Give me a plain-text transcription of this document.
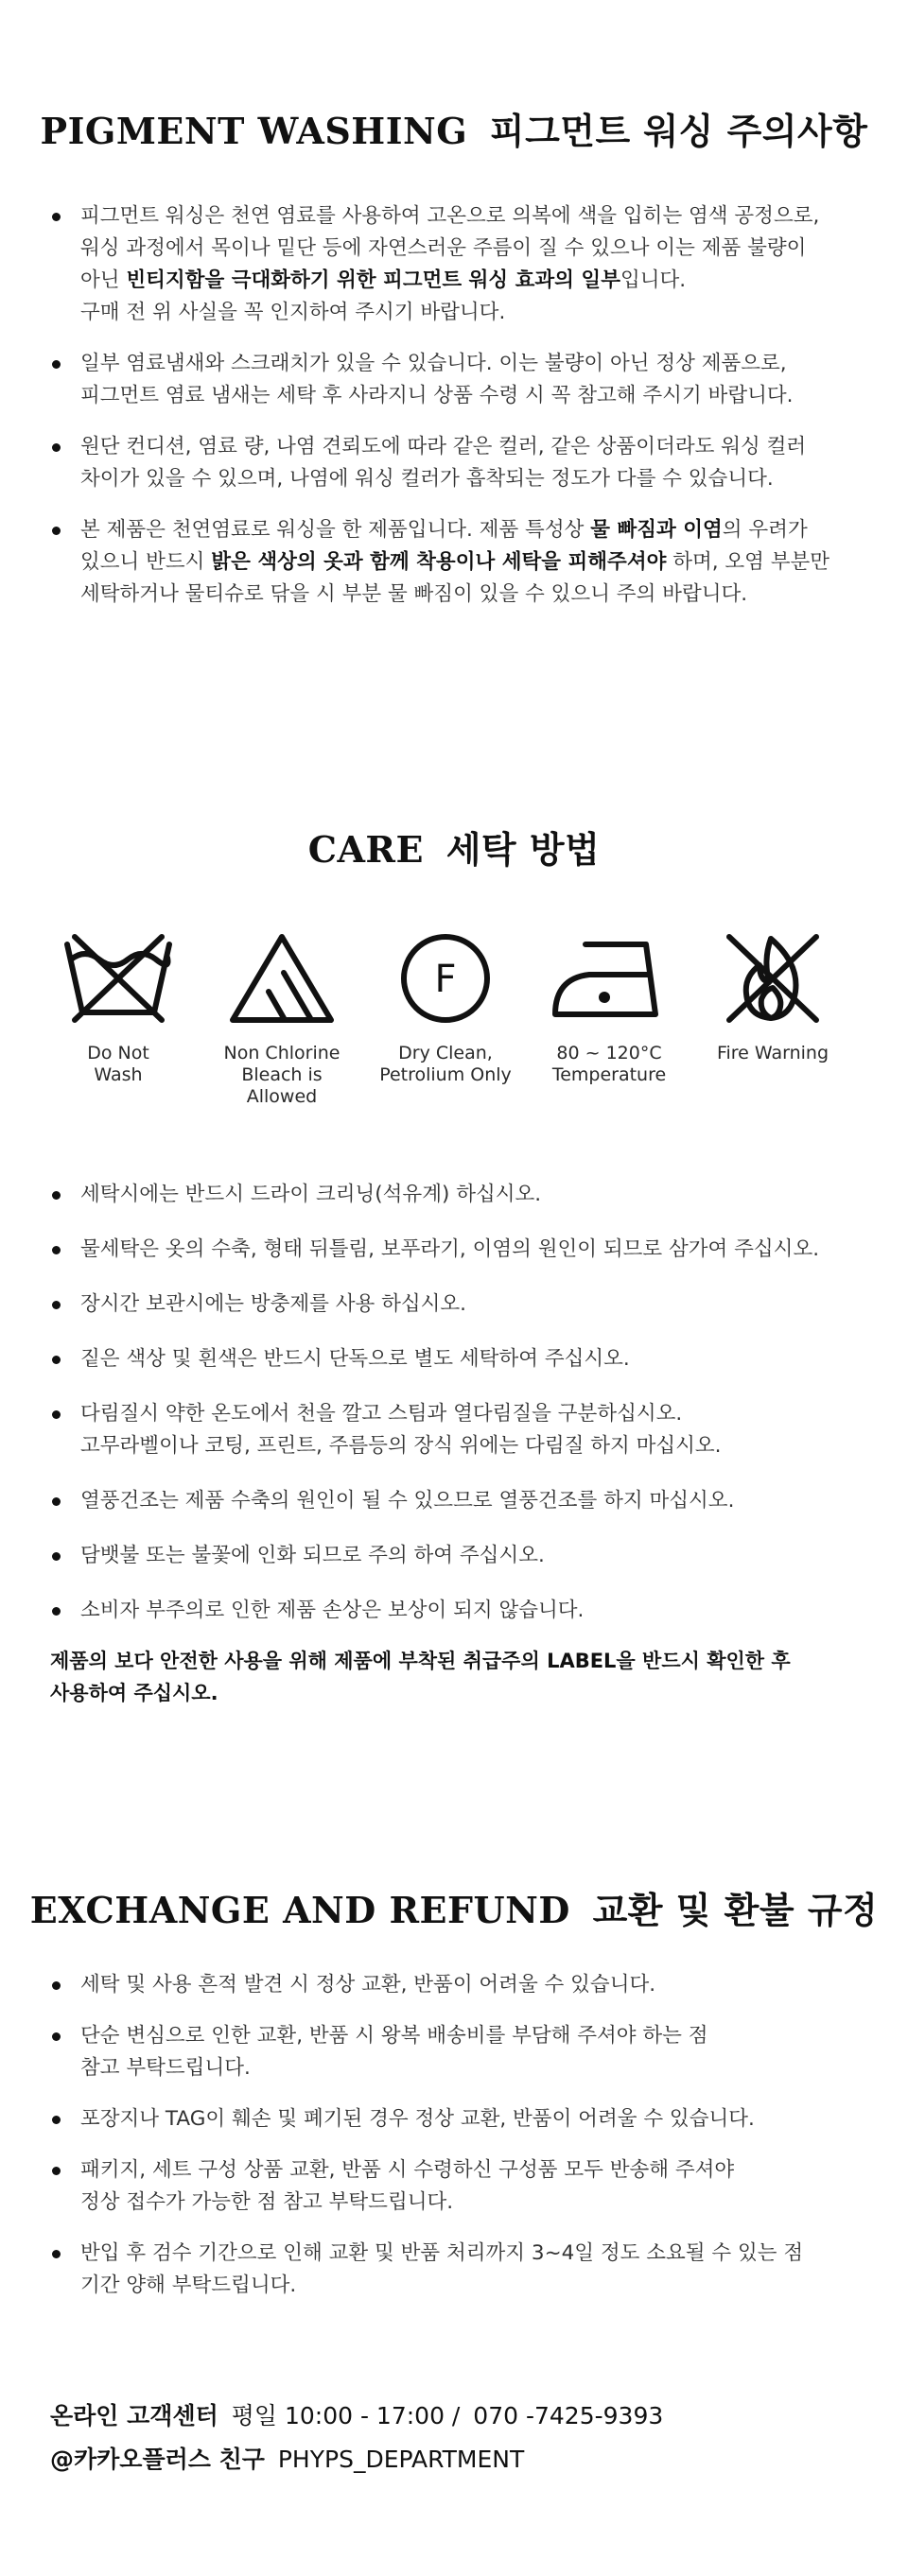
PIGMENT WASHING 피그먼트 워싱 주의사항
피그먼트 워싱은 천연 염료를 사용하여 고온으로 의복에 색을 입히는 염색 공정으로,
워싱 과정에서 목이나 밑단 등에 자연스러운 주름이 질 수 있으나 이는 제품 불량이
아닌 빈티지함을 극대화하기 위한 피그먼트 워싱 효과의 일부입니다.
구매 전 위 사실을 꼭 인지하여 주시기 바랍니다.
일부 염료냄새와 스크래치가 있을 수 있습니다. 이는 불량이 아닌 정상 제품으로,
피그먼트 염료 냄새는 세탁 후 사라지니 상품 수령 시 꼭 참고해 주시기 바랍니다.
원단 컨디션, 염료 량, 나염 견뢰도에 따라 같은 컬러, 같은 상품이더라도 워싱 컬러
차이가 있을 수 있으며, 나염에 워싱 컬러가 흡착되는 정도가 다를 수 있습니다.
본 제품은 천연염료로 워싱을 한 제품입니다. 제품 특성상 물 빠짐과 이염의 우려가
있으니 반드시 밝은 색상의 옷과 함께 착용이나 세탁을 피해주셔야 하며, 오염 부분만
세탁하거나 물티슈로 닦을 시 부분 물 빠짐이 있을 수 있으니 주의 바랍니다.
CARE 세탁 방법
Do Not
Wash
Non Chlorine
Bleach is
Allowed
F
Dry Clean,
Petrolium Only
80 ~ 120°C
Temperature
Fire Warning
세탁시에는 반드시 드라이 크리닝(석유계) 하십시오.
물세탁은 옷의 수축, 형태 뒤틀림, 보푸라기, 이염의 원인이 되므로 삼가여 주십시오.
장시간 보관시에는 방충제를 사용 하십시오.
짙은 색상 및 흰색은 반드시 단독으로 별도 세탁하여 주십시오.
다림질시 약한 온도에서 천을 깔고 스팀과 열다림질을 구분하십시오.
고무라벨이나 코팅, 프린트, 주름등의 장식 위에는 다림질 하지 마십시오.
열풍건조는 제품 수축의 원인이 될 수 있으므로 열풍건조를 하지 마십시오.
담뱃불 또는 불꽃에 인화 되므로 주의 하여 주십시오.
소비자 부주의로 인한 제품 손상은 보상이 되지 않습니다.
제품의 보다 안전한 사용을 위해 제품에 부착된 취급주의 LABEL을 반드시 확인한 후
사용하여 주십시오.
EXCHANGE AND REFUND 교환 및 환불 규정
세탁 및 사용 흔적 발견 시 정상 교환, 반품이 어려울 수 있습니다.
단순 변심으로 인한 교환, 반품 시 왕복 배송비를 부담해 주셔야 하는 점
참고 부탁드립니다.
포장지나 TAG이 훼손 및 폐기된 경우 정상 교환, 반품이 어려울 수 있습니다.
패키지, 세트 구성 상품 교환, 반품 시 수령하신 구성품 모두 반송해 주셔야
정상 접수가 가능한 점 참고 부탁드립니다.
반입 후 검수 기간으로 인해 교환 및 반품 처리까지 3~4일 정도 소요될 수 있는 점
기간 양해 부탁드립니다.
온라인 고객센터 평일 10:00 - 17:00 / 070 -7425-9393
@카카오플러스 친구 PHYPS_DEPARTMENT
